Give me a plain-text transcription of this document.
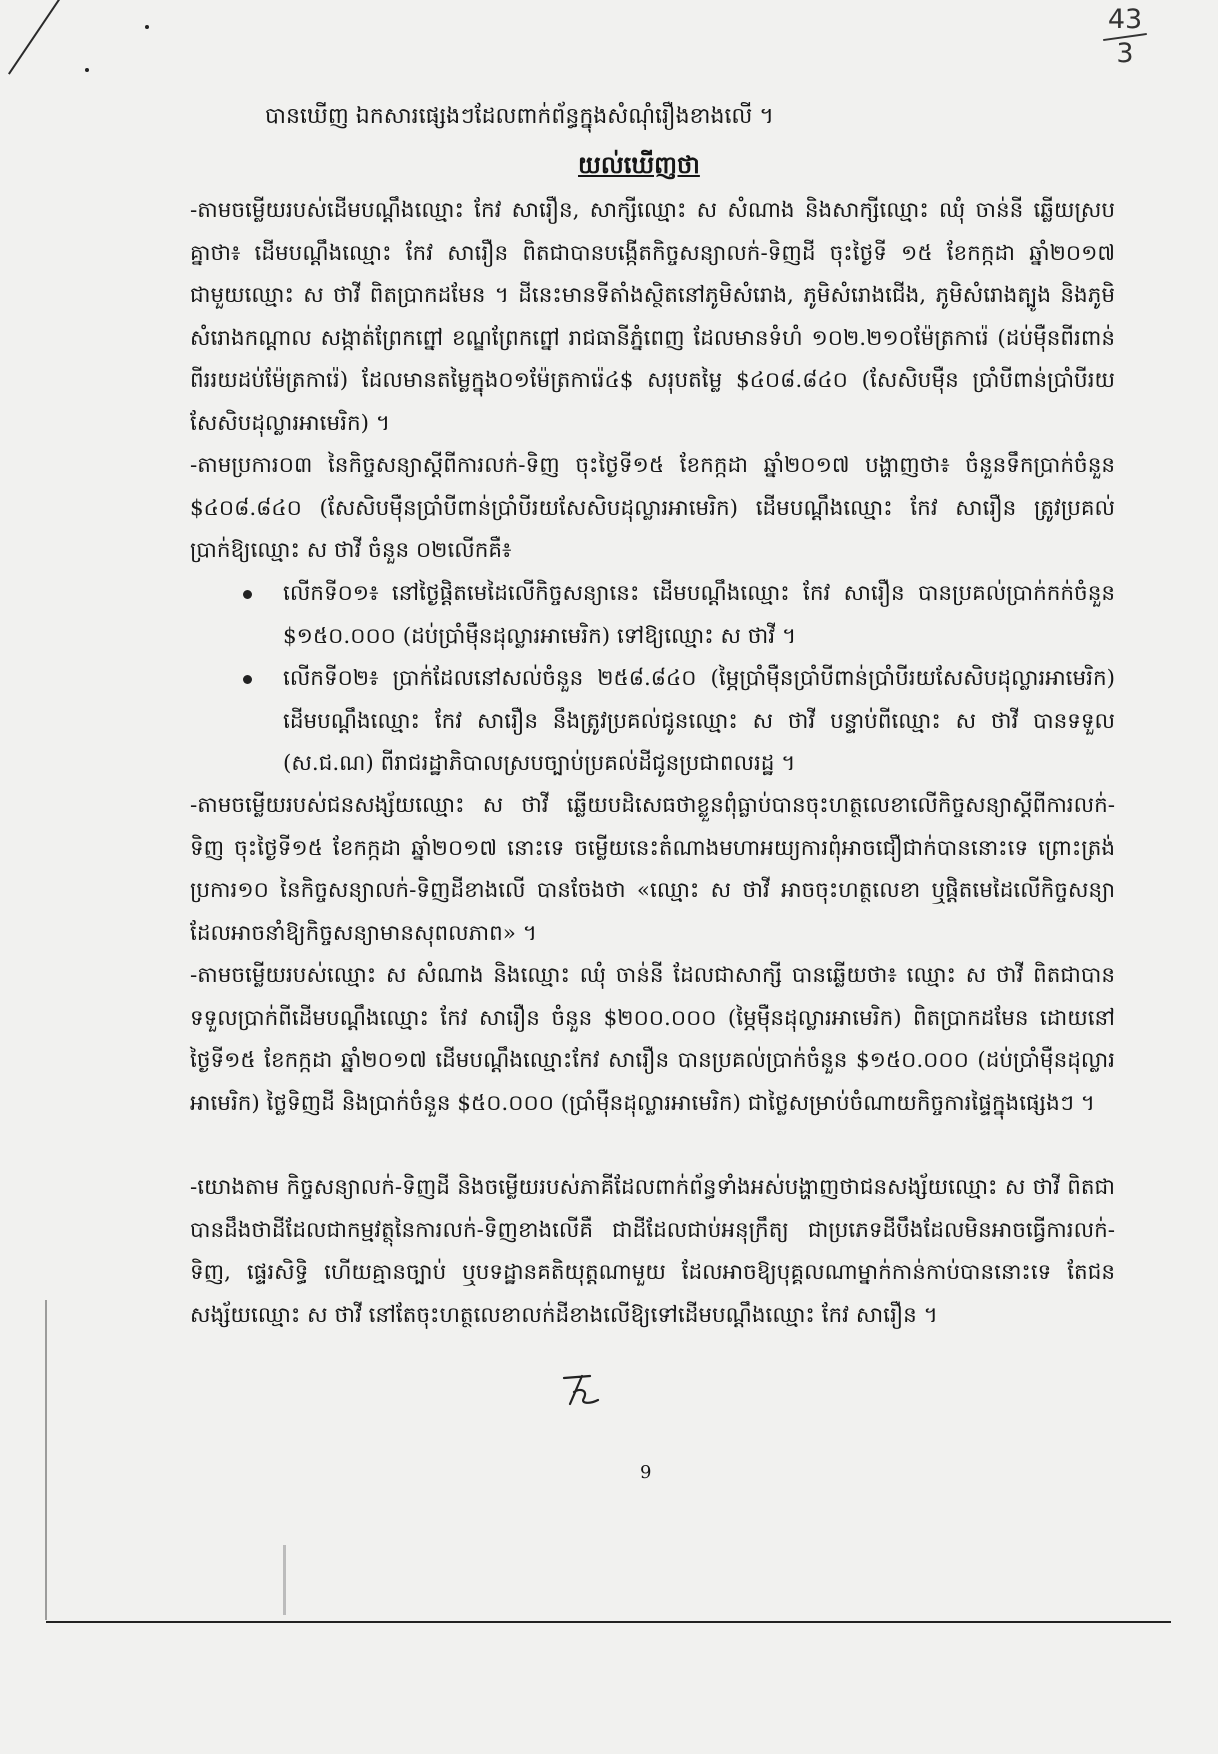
43
3
បានឃើញ ឯកសារផ្សេងៗដែលពាក់ព័ន្ធក្នុងសំណុំរឿងខាងលើ ។
យល់ឃើញថា
-តាមចម្លើយរបស់ដើមបណ្ដឹងឈ្មោះ កែវ សារឿន, សាក្សីឈ្មោះ ស សំណាង និងសាក្សីឈ្មោះ ឈុំ ចាន់នី ឆ្លើយស្របគ្នាថា៖ ដើមបណ្ដឹងឈ្មោះ កែវ សារឿន ពិតជាបានបង្កើតកិច្ចសន្យាលក់-ទិញដី ចុះថ្ងៃទី ១៥ ខែកក្កដា ឆ្នាំ២០១៧ ជាមួយឈ្មោះ ស ថាវី ពិតប្រាកដមែន ។ ដីនេះមានទីតាំងស្ថិតនៅភូមិសំរោង, ភូមិសំរោងជើង, ភូមិសំរោងត្បូង និងភូមិសំរោងកណ្ដាល សង្កាត់ព្រែកព្នៅ ខណ្ឌព្រែកព្នៅ រាជធានីភ្នំពេញ ដែលមានទំហំ ១០២.២១០ម៉ែត្រការ៉េ (ដប់ម៉ឺនពីរពាន់ពីររយដប់ម៉ែត្រការ៉េ) ដែលមានតម្លៃក្នុង០១ម៉ែត្រការ៉េ៤$ សរុបតម្លៃ $៤០៨.៨៤០ (សែសិបម៉ឺន ប្រាំបីពាន់ប្រាំបីរយសែសិបដុល្លារអាមេរិក) ។
-តាមប្រការ០៣ នៃកិច្ចសន្យាស្ដីពីការលក់-ទិញ ចុះថ្ងៃទី១៥ ខែកក្កដា ឆ្នាំ២០១៧ បង្ហាញថា៖ ចំនួនទឹកប្រាក់ចំនួន $៤០៨.៨៤០ (សែសិបម៉ឺនប្រាំបីពាន់ប្រាំបីរយសែសិបដុល្លារអាមេរិក) ដើមបណ្ដឹងឈ្មោះ កែវ សារឿន ត្រូវប្រគល់ប្រាក់ឱ្យឈ្មោះ ស ថាវី ចំនួន ០២លើកគឺ៖
លើកទី០១៖ នៅថ្ងៃផ្ដិតមេដៃលើកិច្ចសន្យានេះ ដើមបណ្ដឹងឈ្មោះ កែវ សារឿន បានប្រគល់ប្រាក់កក់ចំនួន $១៥០.០០០ (ដប់ប្រាំម៉ឺនដុល្លារអាមេរិក) ទៅឱ្យឈ្មោះ ស ថាវី ។
លើកទី០២៖ ប្រាក់ដែលនៅសល់ចំនួន ២៥៨.៨៤០ (ម្ភៃប្រាំម៉ឺនប្រាំបីពាន់ប្រាំបីរយសែសិបដុល្លារអាមេរិក) ដើមបណ្ដឹងឈ្មោះ កែវ សារឿន នឹងត្រូវប្រគល់ជូនឈ្មោះ ស ថាវី បន្ទាប់ពីឈ្មោះ ស ថាវី បានទទួល (ស.ជ.ណ) ពីរាជរដ្ឋាភិបាលស្របច្បាប់ប្រគល់ដីជូនប្រជាពលរដ្ឋ ។
-តាមចម្លើយរបស់ជនសង្ស័យឈ្មោះ ស ថាវី ឆ្លើយបដិសេធថាខ្លួនពុំធ្លាប់បានចុះហត្ថលេខាលើកិច្ចសន្យាស្ដីពីការលក់-ទិញ ចុះថ្ងៃទី១៥ ខែកក្កដា ឆ្នាំ២០១៧ នោះទេ ចម្លើយនេះតំណាងមហាអយ្យការពុំអាចជឿជាក់បាននោះទេ ព្រោះត្រង់ប្រការ១០ នៃកិច្ចសន្យាលក់-ទិញដីខាងលើ បានចែងថា «ឈ្មោះ ស ថាវី អាចចុះហត្ថលេខា ឬផ្ដិតមេដៃលើកិច្ចសន្យាដែលអាចនាំឱ្យកិច្ចសន្យាមានសុពលភាព» ។
-តាមចម្លើយរបស់ឈ្មោះ ស សំណាង និងឈ្មោះ ឈុំ ចាន់នី ដែលជាសាក្សី បានឆ្លើយថា៖ ឈ្មោះ ស ថាវី ពិតជាបានទទួលប្រាក់ពីដើមបណ្ដឹងឈ្មោះ កែវ សារឿន ចំនួន $២០០.០០០ (ម្ភៃម៉ឺនដុល្លារអាមេរិក) ពិតប្រាកដមែន ដោយនៅថ្ងៃទី១៥ ខែកក្កដា ឆ្នាំ២០១៧ ដើមបណ្ដឹងឈ្មោះកែវ សារឿន បានប្រគល់ប្រាក់ចំនួន $១៥០.០០០ (ដប់ប្រាំម៉ឺនដុល្លារអាមេរិក) ថ្លៃទិញដី និងប្រាក់ចំនួន $៥០.០០០ (ប្រាំម៉ឺនដុល្លារអាមេរិក) ជាថ្លៃសម្រាប់ចំណាយកិច្ចការផ្ទៃក្នុងផ្សេងៗ ។
-យោងតាម កិច្ចសន្យាលក់-ទិញដី និងចម្លើយរបស់ភាគីដែលពាក់ព័ន្ធទាំងអស់បង្ហាញថាជនសង្ស័យឈ្មោះ ស ថាវី ពិតជាបានដឹងថាដីដែលជាកម្មវត្ថុនៃការលក់-ទិញខាងលើគឺ ជាដីដែលជាប់អនុក្រឹត្យ ជាប្រភេទដីបឹងដែលមិនអាចធ្វើការលក់-ទិញ, ផ្ទេរសិទ្ធិ ហើយគ្មានច្បាប់ ឬបទដ្ឋានគតិយុត្តណាមួយ ដែលអាចឱ្យបុគ្គលណាម្នាក់កាន់កាប់បាននោះទេ តែជនសង្ស័យឈ្មោះ ស ថាវី នៅតែចុះហត្ថលេខាលក់ដីខាងលើឱ្យទៅដើមបណ្ដឹងឈ្មោះ កែវ សារឿន ។
9
